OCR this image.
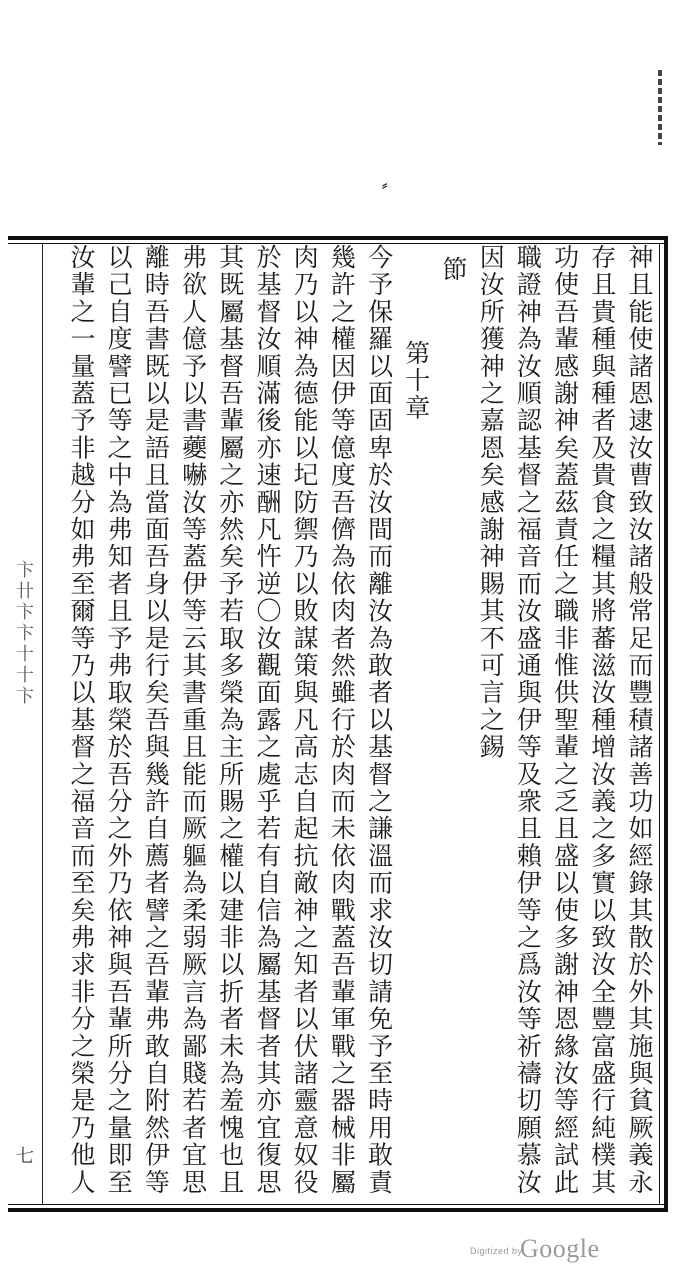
⸗
卞卄卞卞十十卞
七	神且能使諸恩逮汝曹致汝諸般常足而豐積諸善功如經錄其散於外其施與貧厥義永
存且貴種與種者及貴食之糧其將蕃滋汝種增汝義之多實以致汝全豐富盛行純樸其
功使吾輩感謝神矣蓋茲責任之職非惟供聖輩之乏且盛以使多謝神恩緣汝等經試此
職證神為汝順認基督之福音而汝盛通與伊等及衆且賴伊等之爲汝等祈禱切願慕汝
因汝所獲神之嘉恩矣感謝神賜其不可言之錫
節
第十章
今予保羅以面固卑於汝間而離汝為敢者以基督之謙溫而求汝切請免予至時用敢責
幾許之權因伊等億度吾儕為依肉者然雖行於肉而未依肉戰蓋吾輩軍戰之器械非屬
肉乃以神為德能以圮防禦乃以敗謀策與凡高志自起抗敵神之知者以伏諸靈意奴役
於基督汝順滿後亦速酬凡忤逆〇汝觀面露之處乎若有自信為屬基督者其亦宜復思
其既屬基督吾輩屬之亦然矣予若取多榮為主所賜之權以建非以折者未為羞愧也且
弗欲人億予以書虁嚇汝等蓋伊等云其書重且能而厥軀為柔弱厥言為鄙賤若者宜思
離時吾書既以是語且當面吾身以是行矣吾與幾許自薦者譬之吾輩弗敢自附然伊等
以己自度譬已等之中為弗知者且予弗取榮於吾分之外乃依神與吾輩所分之量即至
汝輩之一量蓋予非越分如弗至爾等乃以基督之福音而至矣弗求非分之榮是乃他人
Digitized by
Google
